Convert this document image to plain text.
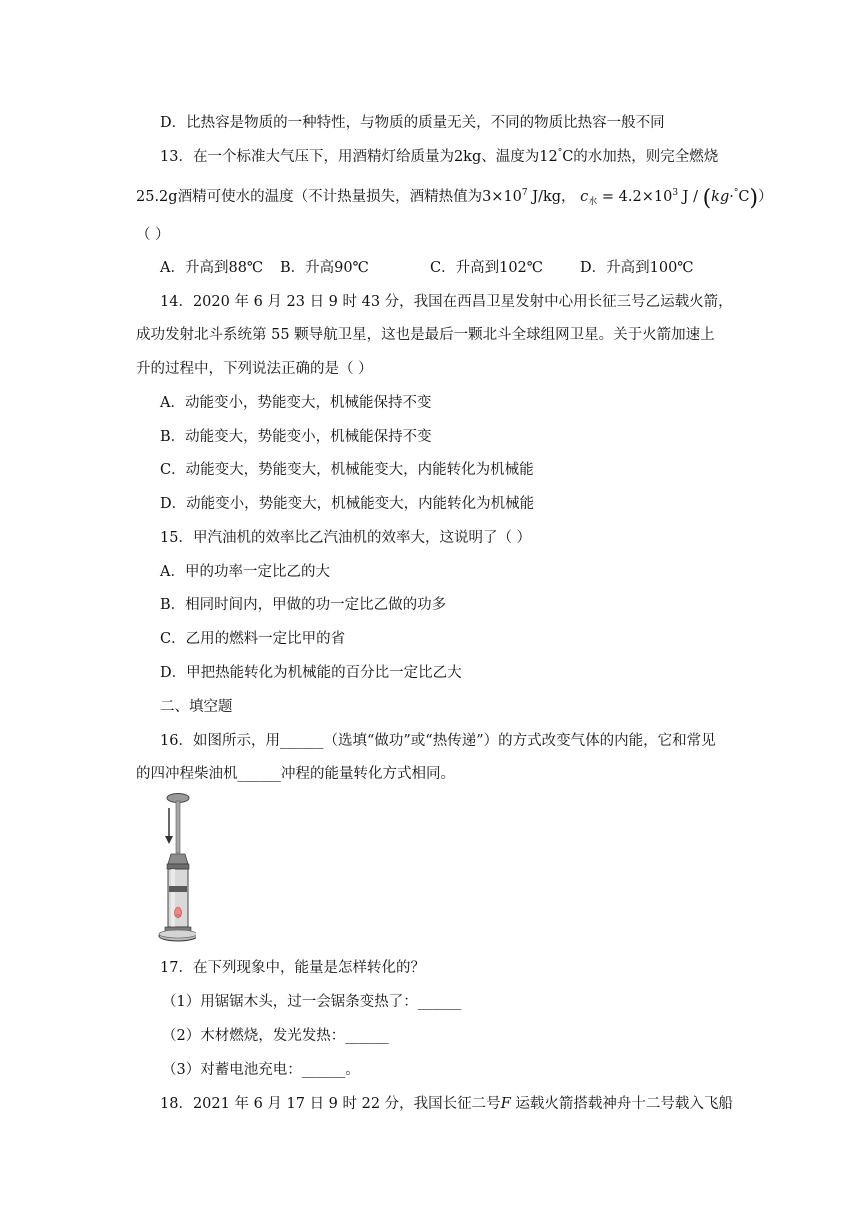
D．比热容是物质的一种特性，与物质的质量无关，不同的物质比热容一般不同
13．在一个标准大气压下，用酒精灯给质量为2kg、温度为12°C的水加热，则完全燃烧
25.2g酒精可使水的温度（不计热量损失，酒精热值为$3\times 10^7$ J/kg， $c_水 = 4.2\times 10^3$ J / (kg·°C)）
（ ）
A．升高到88℃ B．升高90℃	C．升高到102℃	D．升高到100℃
14．2020 年 6 月 23 日 9 时 43 分，我国在西昌卫星发射中心用长征三号乙运载火箭，
成功发射北斗系统第 55 颗导航卫星，这也是最后一颗北斗全球组网卫星。关于火箭加速上
升的过程中，下列说法正确的是（ ）
A．动能变小，势能变大，机械能保持不变
B．动能变大，势能变小，机械能保持不变
C．动能变大，势能变大，机械能变大，内能转化为机械能
D．动能变小，势能变大，机械能变大，内能转化为机械能
15．甲汽油机的效率比乙汽油机的效率大，这说明了（ ）
A．甲的功率一定比乙的大
B．相同时间内，甲做的功一定比乙做的功多
C．乙用的燃料一定比甲的省
D．甲把热能转化为机械能的百分比一定比乙大
二、填空题
16．如图所示，用______（选填“做功”或“热传递”）的方式改变气体的内能，它和常见
的四冲程柴油机______冲程的能量转化方式相同。
17．在下列现象中，能量是怎样转化的？
（1）用锯锯木头，过一会锯条变热了：______
（2）木材燃烧，发光发热：______
（3）对蓄电池充电：______。
18．2021 年 6 月 17 日 9 时 22 分，我国长征二号F 运载火箭搭载神舟十二号载入飞船
